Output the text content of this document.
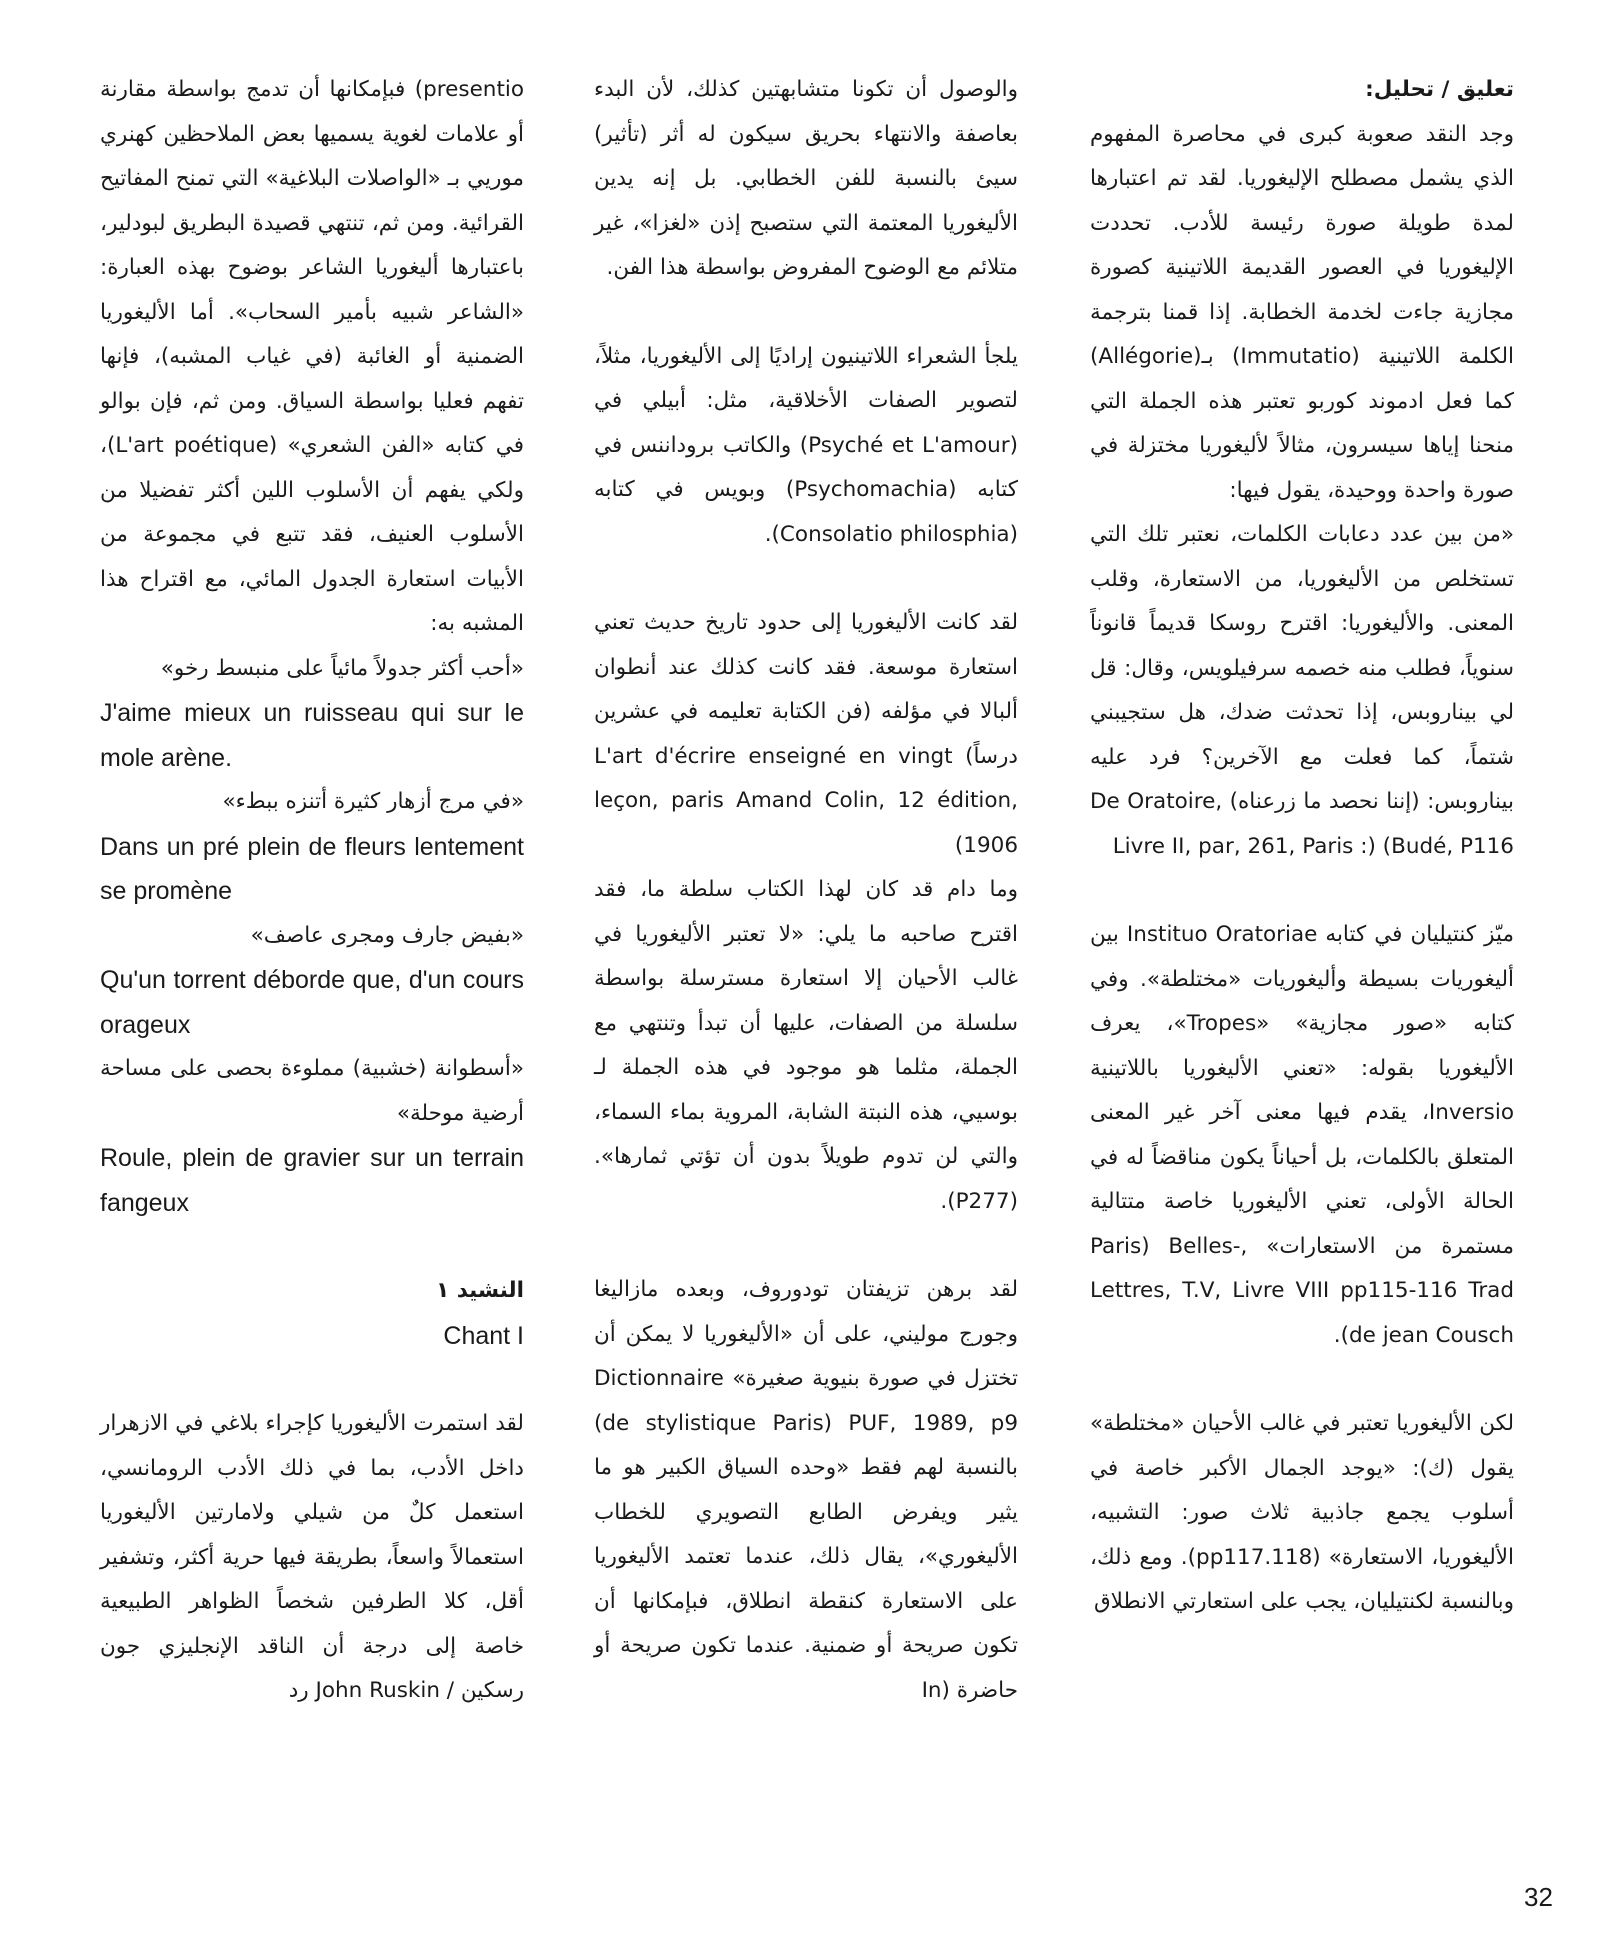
تعليق / تحليل:

وجد النقد صعوبة كبرى في محاصرة المفهوم الذي يشمل مصطلح الإليغوريا. لقد تم اعتبارها لمدة طويلة صورة رئيسة للأدب. تحددت الإليغوريا في العصور القديمة اللاتينية كصورة مجازية جاءت لخدمة الخطابة. إذا قمنا بترجمة الكلمة اللاتينية (Immutatio) بـ(Allégorie) كما فعل ادموند كوربو تعتبر هذه الجملة التي منحنا إياها سيسرون، مثالاً لأليغوريا مختزلة في صورة واحدة ووحيدة، يقول فيها:

«من بين عدد دعابات الكلمات، نعتبر تلك التي تستخلص من الأليغوريا، من الاستعارة، وقلب المعنى. والأليغوريا: اقترح روسكا قديماً قانوناً سنوياً، فطلب منه خصمه سرفيلويس، وقال: قل لي بيناروبس، إذا تحدثت ضدك، هل ستجيبني شتماً، كما فعلت مع الآخرين؟ فرد عليه بيناروبس: (إننا نحصد ما زرعناه) De Oratoire, Livre II, par, 261, Paris :) (Budé, P116

ميّز كنتيليان في كتابه Instituo Oratoriae بين أليغوريات بسيطة وأليغوريات «مختلطة». وفي كتابه «صور مجازية» «Tropes»، يعرف الأليغوريا بقوله: «تعني الأليغوريا باللاتينية Inversio، يقدم فيها معنى آخر غير المعنى المتعلق بالكلمات، بل أحياناً يكون مناقضاً له في الحالة الأولى، تعني الأليغوريا خاصة متتالية مستمرة من الاستعارات» ,Paris) Belles-Lettres, T.V, Livre VIII pp115-116 Trad de jean Cousch).

لكن الأليغوريا تعتبر في غالب الأحيان «مختلطة» يقول (ك): «يوجد الجمال الأكبر خاصة في أسلوب يجمع جاذبية ثلاث صور: التشبيه، الأليغوريا، الاستعارة» (pp117.118). ومع ذلك، وبالنسبة لكنتيليان، يجب على استعارتي الانطلاق

والوصول أن تكونا متشابهتين كذلك، لأن البدء بعاصفة والانتهاء بحريق سيكون له أثر (تأثير) سيئ بالنسبة للفن الخطابي. بل إنه يدين الأليغوريا المعتمة التي ستصبح إذن «لغزا»، غير متلائم مع الوضوح المفروض بواسطة هذا الفن.

يلجأ الشعراء اللاتينيون إراديًا إلى الأليغوريا، مثلاً، لتصوير الصفات الأخلاقية، مثل: أبيلي في (Psyché et L'amour) والكاتب بروداننس في كتابه (Psychomachia) وبويس في كتابه (Consolatio philosphia).

لقد كانت الأليغوريا إلى حدود تاريخ حديث تعني استعارة موسعة. فقد كانت كذلك عند أنطوان ألبالا في مؤلفه (فن الكتابة تعليمه في عشرين درساً) L'art d'écrire enseigné en vingt leçon, paris Amand Colin, 12 édition, 1906)

وما دام قد كان لهذا الكتاب سلطة ما، فقد اقترح صاحبه ما يلي: «لا تعتبر الأليغوريا في غالب الأحيان إلا استعارة مسترسلة بواسطة سلسلة من الصفات، عليها أن تبدأ وتنتهي مع الجملة، مثلما هو موجود في هذه الجملة لـ بوسيي، هذه النبتة الشابة، المروية بماء السماء، والتي لن تدوم طويلاً بدون أن تؤتي ثمارها». (P277).

لقد برهن تزيفتان تودوروف، وبعده مازاليغا وجورج موليني، على أن «الأليغوريا لا يمكن أن تختزل في صورة بنيوية صغيرة» Dictionnaire de stylistique Paris) PUF, 1989, p9) بالنسبة لهم فقط «وحده السياق الكبير هو ما يثير ويفرض الطابع التصويري للخطاب الأليغوري»، يقال ذلك، عندما تعتمد الأليغوريا على الاستعارة كنقطة انطلاق، فبإمكانها أن تكون صريحة أو ضمنية. عندما تكون صريحة أو حاضرة (In

presentio) فبإمكانها أن تدمج بواسطة مقارنة أو علامات لغوية يسميها بعض الملاحظين كهنري موريي بـ «الواصلات البلاغية» التي تمنح المفاتيح القرائية. ومن ثم، تنتهي قصيدة البطريق لبودلير، باعتبارها أليغوريا الشاعر بوضوح بهذه العبارة: «الشاعر شبيه بأمير السحاب». أما الأليغوريا الضمنية أو الغائبة (في غياب المشبه)، فإنها تفهم فعليا بواسطة السياق. ومن ثم، فإن بوالو في كتابه «الفن الشعري» (L'art poétique)، ولكي يفهم أن الأسلوب اللين أكثر تفضيلا من الأسلوب العنيف، فقد تتبع في مجموعة من الأبيات استعارة الجدول المائي، مع اقتراح هذا المشبه به:

«أحب أكثر جدولاً مائياً على منبسط رخو»

J'aime mieux un ruisseau qui sur le mole arène.

«في مرج أزهار كثيرة أتنزه ببطء»

Dans un pré plein de fleurs lentement se promène

«بفيض جارف ومجرى عاصف»

Qu'un torrent déborde que, d'un cours orageux

«أسطوانة (خشبية) مملوءة بحصى على مساحة أرضية موحلة»

Roule, plein de gravier sur un terrain fangeux

النشيد ١

Chant I

لقد استمرت الأليغوريا كإجراء بلاغي في الازهرار داخل الأدب، بما في ذلك الأدب الرومانسي، استعمل كلٌ من شيلي ولامارتين الأليغوريا استعمالاً واسعاً، بطريقة فيها حرية أكثر، وتشفير أقل، كلا الطرفين شخصاً الظواهر الطبيعية خاصة إلى درجة أن الناقد الإنجليزي جون رسكين / John Ruskin رد

32
